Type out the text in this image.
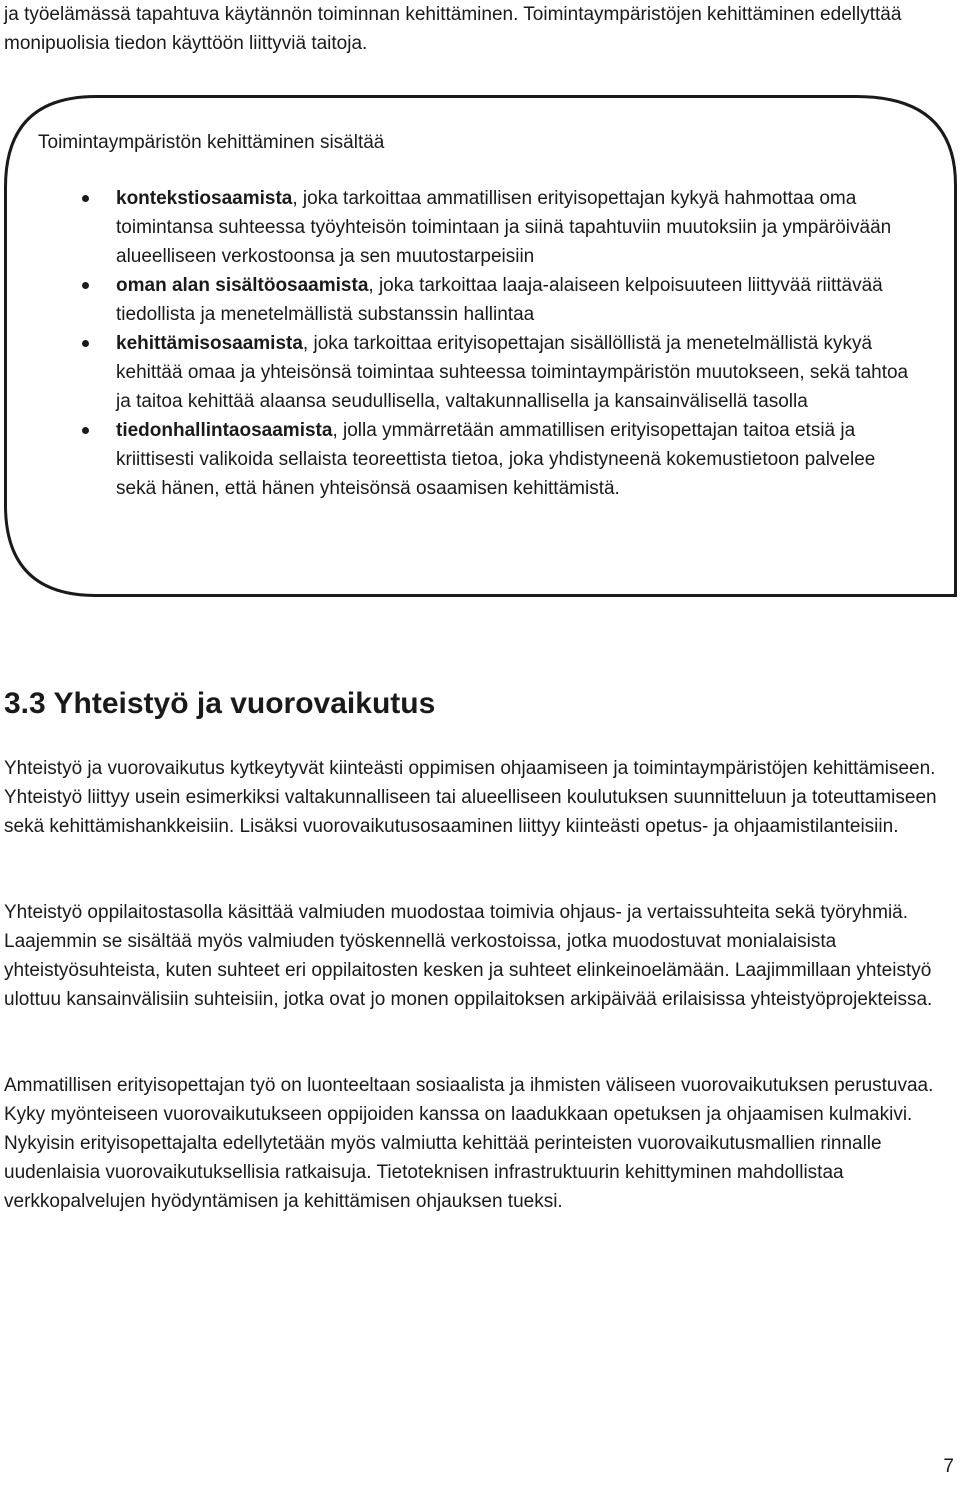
ja työelämässä tapahtuva käytännön toiminnan kehittäminen. Toimintaympäristöjen kehittäminen edellyttää monipuolisia tiedon käyttöön liittyviä taitoja.

Toimintaympäristön kehittäminen sisältää

kontekstiosaamista, joka tarkoittaa ammatillisen erityisopettajan kykyä hahmottaa oma toimintansa suhteessa työyhteisön toimintaan ja siinä tapahtuviin muutoksiin ja ympäröivään alueelliseen verkostoonsa ja sen muutostarpeisiin
oman alan sisältöosaamista, joka tarkoittaa laaja-alaiseen kelpoisuuteen liittyvää riittävää tiedollista ja menetelmällistä substanssin hallintaa
kehittämisosaamista, joka tarkoittaa erityisopettajan sisällöllistä ja menetelmällistä kykyä kehittää omaa ja yhteisönsä toimintaa suhteessa toimintaympäristön muutokseen, sekä tahtoa ja taitoa kehittää alaansa seudullisella, valtakunnallisella ja kansainvälisellä tasolla
tiedonhallintaosaamista, jolla ymmärretään ammatillisen erityisopettajan taitoa etsiä ja kriittisesti valikoida sellaista teoreettista tietoa, joka yhdistyneenä kokemustietoon palvelee sekä hänen, että hänen yhteisönsä osaamisen kehittämistä.
3.3 Yhteistyö ja vuorovaikutus

Yhteistyö ja vuorovaikutus kytkeytyvät kiinteästi oppimisen ohjaamiseen ja toimintaympäristöjen kehittämiseen. Yhteistyö liittyy usein esimerkiksi valtakunnalliseen tai alueelliseen koulutuksen suunnitteluun ja toteuttamiseen sekä kehittämishankkeisiin. Lisäksi vuorovaikutusosaaminen liittyy kiinteästi opetus- ja ohjaamistilanteisiin.

Yhteistyö oppilaitostasolla käsittää valmiuden muodostaa toimivia ohjaus- ja vertaissuhteita sekä työryhmiä. Laajemmin se sisältää myös valmiuden työskennellä verkostoissa, jotka muodostuvat monialaisista yhteistyösuhteista, kuten suhteet eri oppilaitosten kesken ja suhteet elinkeinoelämään. Laajimmillaan yhteistyö ulottuu kansainvälisiin suhteisiin, jotka ovat jo monen oppilaitoksen arkipäivää erilaisissa yhteistyöprojekteissa.

Ammatillisen erityisopettajan työ on luonteeltaan sosiaalista ja ihmisten väliseen vuorovaikutuksen perustuvaa. Kyky myönteiseen vuorovaikutukseen oppijoiden kanssa on laadukkaan opetuksen ja ohjaamisen kulmakivi. Nykyisin erityisopettajalta edellytetään myös valmiutta kehittää perinteisten vuorovaikutusmallien rinnalle uudenlaisia vuorovaikutuksellisia ratkaisuja. Tietoteknisen infrastruktuurin kehittyminen mahdollistaa verkkopalvelujen hyödyntämisen ja kehittämisen ohjauksen tueksi.

7
